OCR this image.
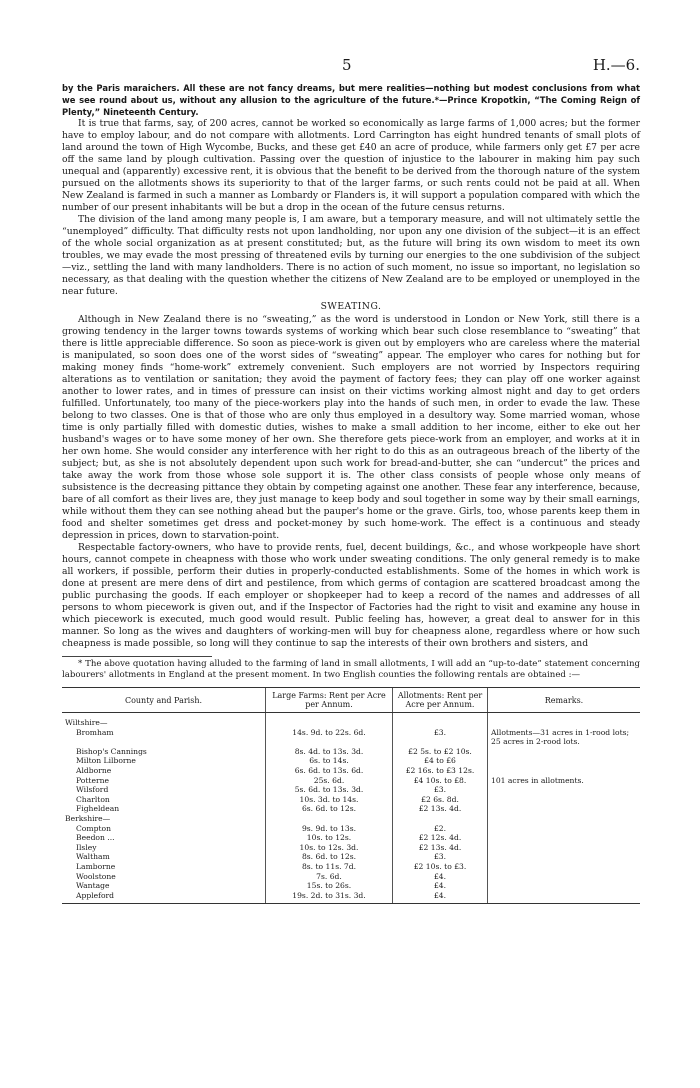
5	H.—6.

by the Paris maraichers. All these are not fancy dreams, but mere realities—nothing but modest conclusions from what we see round about us, without any allusion to the agriculture of the future.*—Prince Kropotkin, “The Coming Reign of Plenty,” Nineteenth Century.

It is true that farms, say, of 200 acres, cannot be worked so economically as large farms of 1,000 acres; but the former have to employ labour, and do not compare with allotments. Lord Carrington has eight hundred tenants of small plots of land around the town of High Wycombe, Bucks, and these get £40 an acre of produce, while farmers only get £7 per acre off the same land by plough cultivation. Passing over the question of injustice to the labourer in making him pay such unequal and (apparently) excessive rent, it is obvious that the benefit to be derived from the thorough nature of the system pursued on the allotments shows its superiority to that of the larger farms, or such rents could not be paid at all. When New Zealand is farmed in such a manner as Lombardy or Flanders is, it will support a population compared with which the number of our present inhabitants will be but a drop in the ocean of the future census returns.

The division of the land among many people is, I am aware, but a temporary measure, and will not ultimately settle the “unemployed” difficulty. That difficulty rests not upon landholding, nor upon any one division of the subject—it is an effect of the whole social organization as at present constituted; but, as the future will bring its own wisdom to meet its own troubles, we may evade the most pressing of threatened evils by turning our energies to the one subdivision of the subject—viz., settling the land with many landholders. There is no action of such moment, no issue so important, no legislation so necessary, as that dealing with the question whether the citizens of New Zealand are to be employed or unemployed in the near future.

SWEATING.

Although in New Zealand there is no “sweating,” as the word is understood in London or New York, still there is a growing tendency in the larger towns towards systems of working which bear such close resemblance to “sweating” that there is little appreciable difference. So soon as piece-work is given out by employers who are careless where the material is manipulated, so soon does one of the worst sides of “sweating” appear. The employer who cares for nothing but for making money finds “home-work” extremely convenient. Such employers are not worried by Inspectors requiring alterations as to ventilation or sanitation; they avoid the payment of factory fees; they can play off one worker against another to lower rates, and in times of pressure can insist on their victims working almost night and day to get orders fulfilled. Unfortunately, too many of the piece-workers play into the hands of such men, in order to evade the law. These belong to two classes. One is that of those who are only thus employed in a desultory way. Some married woman, whose time is only partially filled with domestic duties, wishes to make a small addition to her income, either to eke out her husband's wages or to have some money of her own. She therefore gets piece-work from an employer, and works at it in her own home. She would consider any interference with her right to do this as an outrageous breach of the liberty of the subject; but, as she is not absolutely dependent upon such work for bread-and-butter, she can “undercut” the prices and take away the work from those whose sole support it is. The other class consists of people whose only means of subsistence is the decreasing pittance they obtain by competing against one another. These fear any interference, because, bare of all comfort as their lives are, they just manage to keep body and soul together in some way by their small earnings, while without them they can see nothing ahead but the pauper's home or the grave. Girls, too, whose parents keep them in food and shelter sometimes get dress and pocket-money by such home-work. The effect is a continuous and steady depression in prices, down to starvation-point.

Respectable factory-owners, who have to provide rents, fuel, decent buildings, &c., and whose workpeople have short hours, cannot compete in cheapness with those who work under sweating conditions. The only general remedy is to make all workers, if possible, perform their duties in properly-conducted establishments. Some of the homes in which work is done at present are mere dens of dirt and pestilence, from which germs of contagion are scattered broadcast among the public purchasing the goods. If each employer or shopkeeper had to keep a record of the names and addresses of all persons to whom piecework is given out, and if the Inspector of Factories had the right to visit and examine any house in which piecework is executed, much good would result. Public feeling has, however, a great deal to answer for in this manner. So long as the wives and daughters of working-men will buy for cheapness alone, regardless where or how such cheapness is made possible, so long will they continue to sap the interests of their own brothers and sisters, and

* The above quotation having alluded to the farming of land in small allotments, I will add an “up-to-date” statement concerning labourers' allotments in England at the present moment. In two English counties the following rentals are obtained :—

County and Parish.	Large Farms: Rent per Acre per Annum.	Allotments: Rent per Acre per Annum.	Remarks.
Wiltshire—			
Bromham	14s. 9d. to 22s. 6d.	£3.	Allotments—31 acres in 1-rood lots; 25 acres in 2-rood lots.
Bishop's Cannings	8s. 4d. to 13s. 3d.	£2 5s. to £2 10s.	
Milton Lilborne	6s. to 14s.	£4 to £6	
Aldborne	6s. 6d. to 13s. 6d.	£2 16s. to £3 12s.	
Potterne	25s. 6d.	£4 10s. to £8.	101 acres in allotments.
Wilsford	5s. 6d. to 13s. 3d.	£3.	
Charlton	10s. 3d. to 14s.	£2 6s. 8d.	
Figheldean	6s. 6d. to 12s.	£2 13s. 4d.	
Berkshire—			
Compton	9s. 9d. to 13s.	£2.	
Beedon ...	10s. to 12s.	£2 12s. 4d.	
Ilsley	10s. to 12s. 3d.	£2 13s. 4d.	
Waltham	8s. 6d. to 12s.	£3.	
Lamborne	8s. to 11s. 7d.	£2 10s. to £3.	
Woolstone	7s. 6d.	£4.	
Wantage	15s. to 26s.	£4.	
Appleford	19s. 2d. to 31s. 3d.	£4.	
